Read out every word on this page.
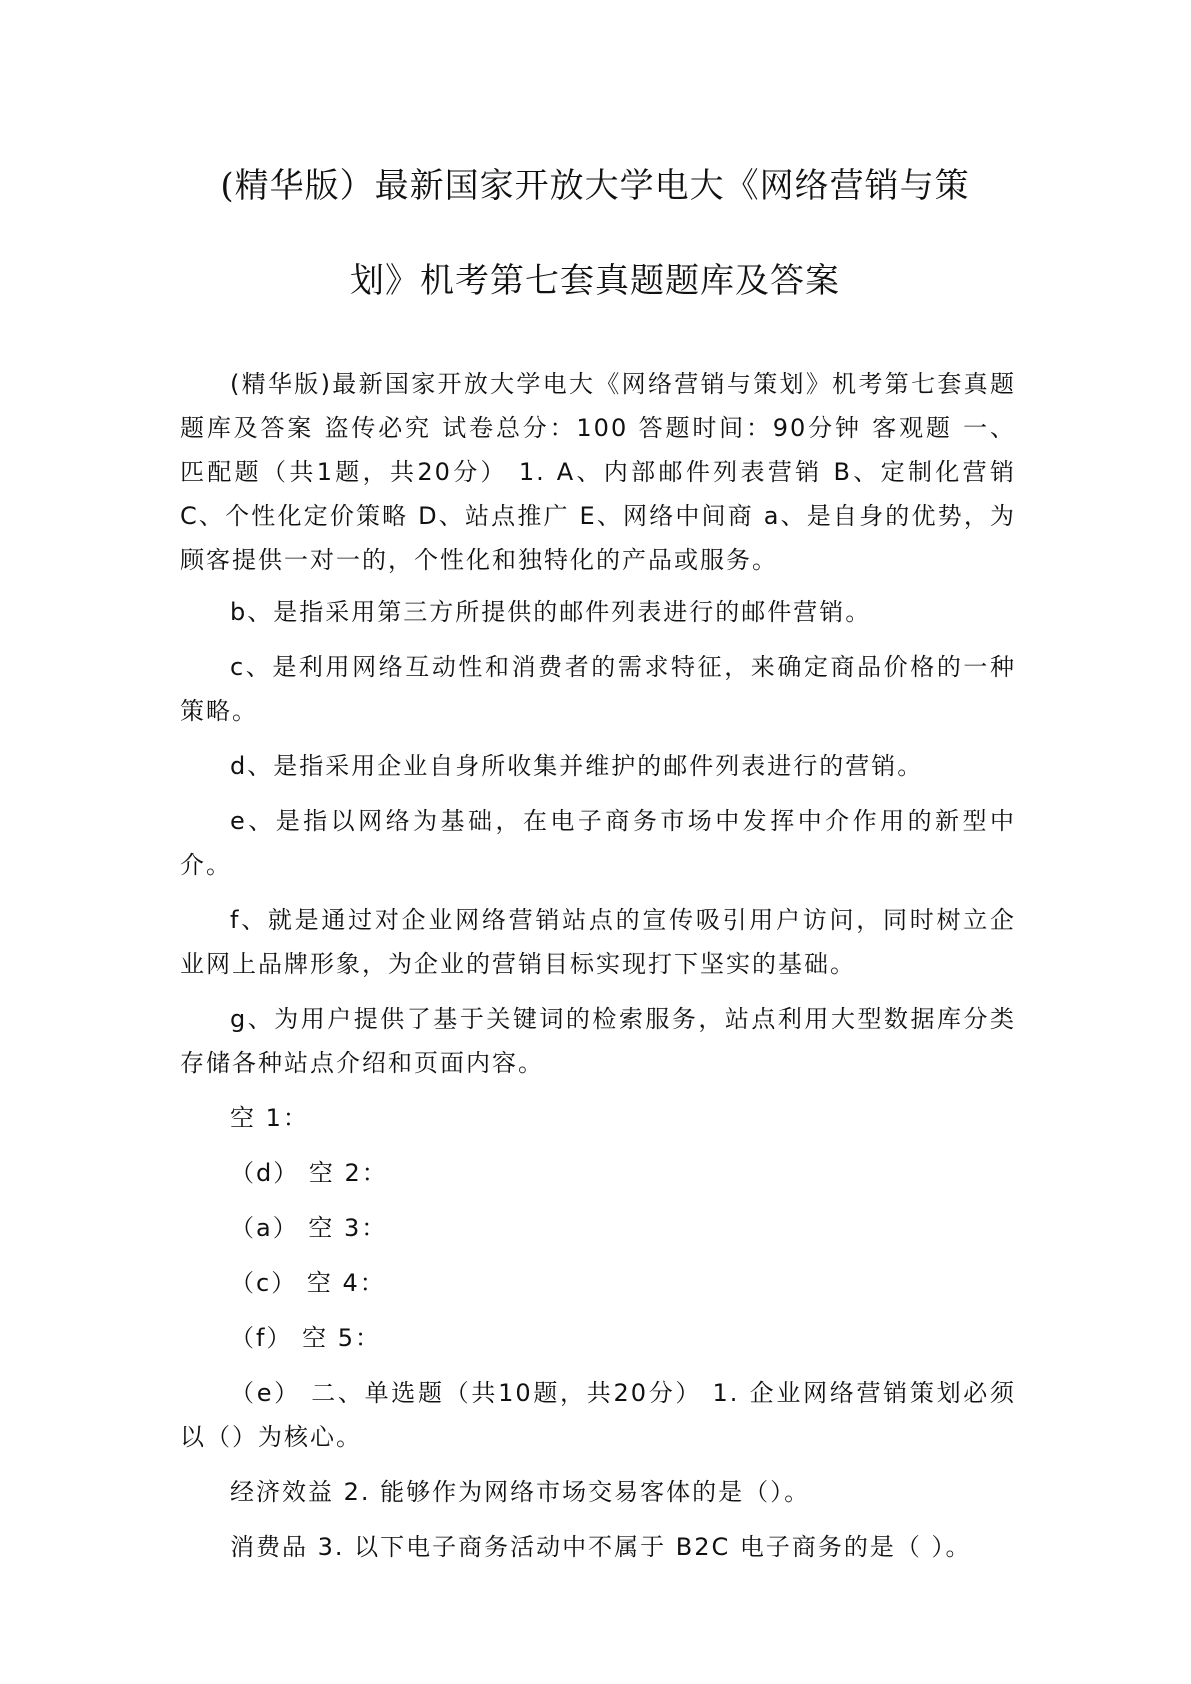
(精华版）最新国家开放大学电大《网络营销与策
划》机考第七套真题题库及答案

(精华版)最新国家开放大学电大《网络营销与策划》机考第七套真题题库及答案 盗传必究 试卷总分：100 答题时间：90分钟 客观题 一、匹配题（共1题，共20分） 1. A、内部邮件列表营销 B、定制化营销 C、个性化定价策略 D、站点推广 E、网络中间商 a、是自身的优势，为顾客提供一对一的，个性化和独特化的产品或服务。

b、是指采用第三方所提供的邮件列表进行的邮件营销。

c、是利用网络互动性和消费者的需求特征，来确定商品价格的一种策略。

d、是指采用企业自身所收集并维护的邮件列表进行的营销。

e、是指以网络为基础，在电子商务市场中发挥中介作用的新型中介。

f、就是通过对企业网络营销站点的宣传吸引用户访问，同时树立企业网上品牌形象，为企业的营销目标实现打下坚实的基础。

g、为用户提供了基于关键词的检索服务，站点利用大型数据库分类存储各种站点介绍和页面内容。

空 1：

（d） 空 2：

（a） 空 3：

（c） 空 4：

（f） 空 5：

（e） 二、单选题（共10题，共20分） 1. 企业网络营销策划必须以（）为核心。

经济效益 2. 能够作为网络市场交易客体的是（）。

消费品 3. 以下电子商务活动中不属于 B2C 电子商务的是（ ）。
